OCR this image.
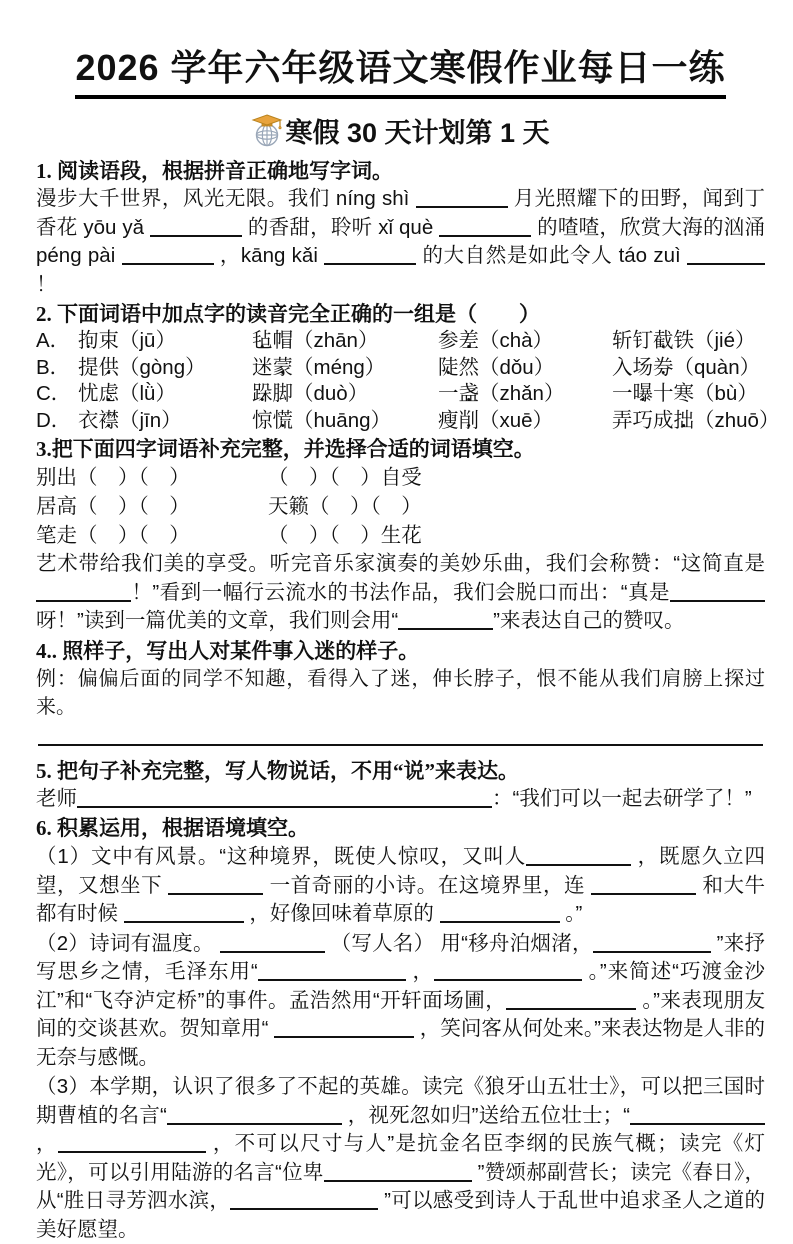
2026 学年六年级语文寒假作业每日一练
寒假 30 天计划第 1 天
1. 阅读语段，根据拼音正确地写字词。

漫步大千世界，风光无限。我们 níng shì	月光照耀下的田野，闻到丁香花 yōu yǎ	的香甜，聆听 xǐ què	的喳喳，欣赏大海的汹涌 péng pài	，kāng kǎi	的大自然是如此令人 táo zuì  ！

2. 下面词语中加点字的读音完全正确的一组是（　　）
A． 拘 •束（jū）	毡 •帽（zhān）	参差 •（chà）	斩钉截 •铁（jié）
B． 提供 •（gòng）	迷蒙 •（méng）	陡 •然（dǒu）	入场券 •（quàn）
C． 忧虑 •（lǜ）	跺 •脚（duò）	一盏 •（zhǎn）	一曝 •十寒（bù）
D． 衣襟 •（jīn）	惊慌 •（huāng）	瘦削 •（xuē）	弄巧成拙 •（zhuō）
3.把下面四字词语补充完整，并选择合适的词语填空。
别出（　）（　）	（　）（　）自受
居高（　）（　）	天籁（　）（　）
笔走（　）（　）	（　）（　）生花

艺术带给我们美的享受。听完音乐家演奏的美妙乐曲，我们会称赞：“这简直是！”看到一幅行云流水的书法作品，我们会脱口而出：“真是呀！”读到一篇优美的文章，我们则会用“	”来表达自己的赞叹。

4.. 照样子，写出人对某件事入迷的样子。

例：偏偏后面的同学不知趣，看得入了迷，伸长脖子，恨不能从我们肩膀上探过来。

5. 把句子补充完整，写人物说话，不用“说”来表达。

老师	：“我们可以一起去研学了！”

6. 积累运用，根据语境填空。

（1）文中有风景。“这种境界，既使人惊叹，又叫人	，既愿久立四望，又想坐下	一首奇丽的小诗。在这境界里，连	和大牛都有时候	，好像回味着草原的	。”

（2）诗词有温度。	（写人名） 用“移舟泊烟渚，	”来抒写思乡之情，毛泽东用“	，	。”来简述“巧渡金沙江”和“飞夺泸定桥”的事件。孟浩然用“开轩面场圃，	。”来表现朋友间的交谈甚欢。贺知章用“	，笑问客从何处来。”来表达物是人非的无奈与感慨。

（3）本学期，认识了很多了不起的英雄。读完《狼牙山五壮士》，可以把三国时期曹植的名言“	，视死忽如归”送给五位壮士；“ ，	，不可以尺寸与人”是抗金名臣李纲的民族气概；读完《灯光》，可以引用陆游的名言“位卑	”赞颂郝副营长；读完《春日》，从“胜日寻芳泗水滨，	”可以感受到诗人于乱世中追求圣人之道的美好愿望。
